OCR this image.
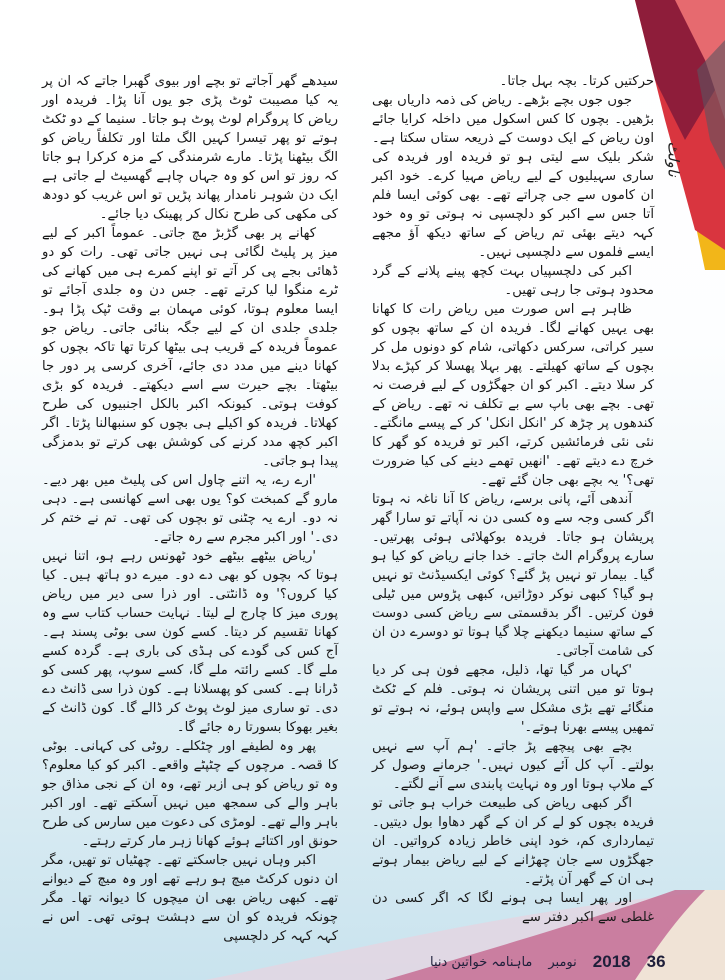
ناولٹ

حرکتیں کرتا۔ بچہ بہل جاتا۔

جوں جوں بچے بڑھے۔ ریاض کی ذمہ داریاں بھی بڑھیں۔ بچوں کا کس اسکول میں داخلہ کرایا جائے اون ریاض کے ایک دوست کے ذریعہ ستاں سکتا ہے۔ شکر بلیک سے لیتی ہو تو فریدہ اور فریدہ کی ساری سہیلیوں کے لیے ریاض مہیا کرے۔ خود اکبر ان کاموں سے جی چراتے تھے۔ بھی کوئی ایسا فلم آتا جس سے اکبر کو دلچسپی نہ ہوتی تو وہ خود کہہ دیتے بھئی تم ریاض کے ساتھ دیکھ آؤ مجھے ایسے فلموں سے دلچسپی نہیں۔

اکبر کی دلچسپیاں بہت کچھ پینے پلانے کے گرد محدود ہوتی جا رہی تھیں۔

ظاہر ہے اس صورت میں ریاض رات کا کھانا بھی یہیں کھانے لگا۔ فریدہ ان کے ساتھ بچوں کو سیر کراتی، سرکس دکھاتی، شام کو دونوں مل کر بچوں کے ساتھ کھیلتے۔ پھر بہلا پھسلا کر کپڑے بدلا کر سلا دیتے۔ اکبر کو ان جھگڑوں کے لیے فرصت نہ تھی۔ بچے بھی باپ سے بے تکلف نہ تھے۔ ریاض کے کندھوں پر چڑھ کر 'انکل انکل' کر کے پیسے مانگتے۔ نئی نئی فرمائشیں کرتے، اکبر تو فریدہ کو گھر کا خرچ دے دیتے تھے۔ 'انھیں تھمے دینے کی کیا ضرورت تھی؟' یہ بچے بھی جان گئے تھے۔

آندھی آئے، پانی برسے، ریاض کا آنا ناغہ نہ ہوتا اگر کسی وجہ سے وہ کسی دن نہ آپاتے تو سارا گھر پریشان ہو جاتا۔ فریدہ بوکھلائی ہوئی پھرتیں۔ سارے پروگرام الٹ جاتے۔ خدا جانے ریاض کو کیا ہو گیا۔ بیمار تو نہیں پڑ گئے؟ کوئی ایکسیڈنٹ تو نہیں ہو گیا؟ کبھی نوکر دوڑاتیں، کبھی پڑوس میں ٹیلی فون کرتیں۔ اگر بدقسمتی سے ریاض کسی دوست کے ساتھ سنیما دیکھنے چلا گیا ہوتا تو دوسرے دن ان کی شامت آجاتی۔

'کہاں مر گیا تھا، ذلیل، مجھے فون ہی کر دیا ہوتا تو میں اتنی پریشان نہ ہوتی۔ فلم کے ٹکٹ منگائے تھے بڑی مشکل سے واپس ہوئے، نہ ہوتے تو تمھیں پیسے بھرنا ہوتے۔'

بچے بھی پیچھے پڑ جاتے۔ 'ہم آپ سے نہیں بولتے۔ آپ کل آئے کیوں نہیں۔' جرمانے وصول کر کے ملاپ ہوتا اور وہ نہایت پابندی سے آنے لگتے۔

اگر کبھی ریاض کی طبیعت خراب ہو جاتی تو فریدہ بچوں کو لے کر ان کے گھر دھاوا بول دیتیں۔ تیمارداری کم، خود اپنی خاطر زیادہ کرواتیں۔ ان جھگڑوں سے جان چھڑانے کے لیے ریاض بیمار ہوتے ہی ان کے گھر آن پڑتے۔

اور پھر ایسا ہی ہونے لگا کہ اگر کسی دن غلطی سے اکبر دفتر سے

سیدھے گھر آجاتے تو بچے اور بیوی گھبرا جاتے کہ ان پر یہ کیا مصیبت ٹوٹ پڑی جو یوں آنا پڑا۔ فریدہ اور ریاض کا پروگرام لوٹ پوٹ ہو جاتا۔ سنیما کے دو ٹکٹ ہوتے تو پھر تیسرا کہیں الگ ملتا اور تکلفاً ریاض کو الگ بیٹھنا پڑتا۔ مارے شرمندگی کے مزہ کرکرا ہو جاتا کہ روز تو اس کو وہ جہاں چاہے گھسیٹ لے جاتی ہے ایک دن شوہر نامدار پھاند پڑیں تو اس غریب کو دودھ کی مکھی کی طرح نکال کر پھینک دیا جائے۔

کھانے پر بھی گڑبڑ مچ جاتی۔ عموماً اکبر کے لیے میز پر پلیٹ لگائی ہی نہیں جاتی تھی۔ رات کو دو ڈھائی بجے پی کر آتے تو اپنے کمرے ہی میں کھانے کی ٹرے منگوا لیا کرتے تھے۔ جس دن وہ جلدی آجائے تو ایسا معلوم ہوتا، کوئی مہمان بے وقت ٹپک پڑا ہو۔ جلدی جلدی ان کے لیے جگہ بنائی جاتی۔ ریاض جو عموماً فریدہ کے قریب ہی بیٹھا کرتا تھا تاکہ بچوں کو کھانا دینے میں مدد دی جائے، آخری کرسی پر دور جا بیٹھتا۔ بچے حیرت سے اسے دیکھتے۔ فریدہ کو بڑی کوفت ہوتی۔ کیونکہ اکبر بالکل اجنبیوں کی طرح کھلاتا۔ فریدہ کو اکیلے ہی بچوں کو سنبھالنا پڑتا۔ اگر اکبر کچھ مدد کرنے کی کوشش بھی کرتے تو بدمزگی پیدا ہو جاتی۔

'ارے رے، یہ اتنے چاول اس کی پلیٹ میں بھر دیے۔ مارو گے کمبخت کو؟ یوں بھی اسے کھانسی ہے۔ دہی نہ دو۔ ارے یہ چٹنی تو بچوں کی تھی۔ تم نے ختم کر دی۔' اور اکبر مجرم سے رہ جاتے۔

'ریاض بیٹھے بیٹھے خود ٹھونس رہے ہو، اتنا نہیں ہوتا کہ بچوں کو بھی دے دو۔ میرے دو ہاتھ ہیں۔ کیا کیا کروں؟' وہ ڈانٹتی۔ اور ذرا سی دیر میں ریاض پوری میز کا چارج لے لیتا۔ نہایت حساب کتاب سے وہ کھانا تقسیم کر دیتا۔ کسے کون سی بوٹی پسند ہے۔ آج کس کی گودے کی ہڈی کی باری ہے۔ گردہ کسے ملے گا۔ کسے رائتہ ملے گا، کسے سوپ، پھر کسی کو ڈرانا ہے۔ کسی کو پھسلانا ہے۔ کون ذرا سی ڈانٹ دے دی۔ تو ساری میز لوٹ پوٹ کر ڈالے گا۔ کون ڈانٹ کے بغیر بھوکا بسورتا رہ جائے گا۔

پھر وہ لطیفے اور چٹکلے۔ روٹی کی کہانی۔ بوٹی کا قصہ۔ مرچوں کے چٹپٹے واقعے۔ اکبر کو کیا معلوم؟ وہ تو ریاض کو ہی ازبر تھے، وہ ان کے نجی مذاق جو باہر والے کی سمجھ میں نہیں آسکتے تھے۔ اور اکبر باہر والے تھے۔ لومڑی کی دعوت میں سارس کی طرح حونق اور اکتائے ہوئے کھانا زہر مار کرتے رہتے۔

اکبر وہاں نہیں جاسکتے تھے۔ چھٹیاں تو تھیں، مگر ان دنوں کرکٹ میچ ہو رہے تھے اور وہ میچ کے دیوانے تھے۔ کبھی ریاض بھی ان میچوں کا دیوانہ تھا۔ مگر چونکہ فریدہ کو ان سے دہشت ہوتی تھی۔ اس نے کہہ کہہ کر دلچسپی

ماہنامہ خواتین دنیا نومبر 2018 36
